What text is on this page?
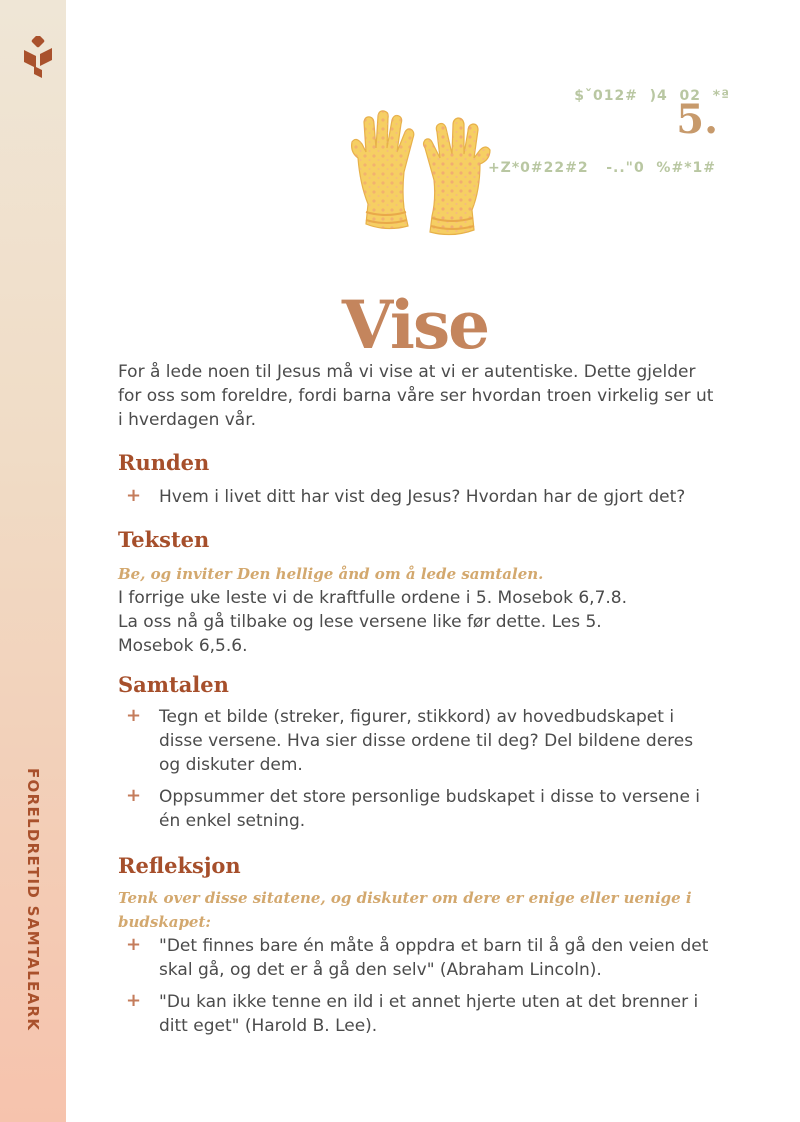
FORELDRETID SAMTALEARK

$ˇ012#  )4  02  *ª

+Z*0#22#2   -.."0  %#*1#

5.
Vise

For å lede noen til Jesus må vi vise at vi er autentiske. Dette gjelder for oss som foreldre, fordi barna våre ser hvordan troen virkelig ser ut i hverdagen vår.

Runden
+ Hvem i livet ditt har vist deg Jesus? Hvordan har de gjort det?
Teksten
Be, og inviter Den hellige ånd om å lede samtalen.

I forrige uke leste vi de kraftfulle ordene i 5. Mosebok 6,7.8.

La oss nå gå tilbake og lese versene like før dette. Les 5.

Mosebok 6,5.6.

Samtalen
+ Tegn et bilde (streker, figurer, stikkord) av hovedbudskapet i disse versene. Hva sier disse ordene til deg? Del bildene deres og diskuter dem.
+ Oppsummer det store personlige budskapet i disse to versene i én enkel setning.
Refleksjon
Tenk over disse sitatene, og diskuter om dere er enige eller uenige i budskapet:
+ "Det finnes bare én måte å oppdra et barn til å gå den veien det skal gå, og det er å gå den selv" (Abraham Lincoln).
+ "Du kan ikke tenne en ild i et annet hjerte uten at det brenner i ditt eget" (Harold B. Lee).
